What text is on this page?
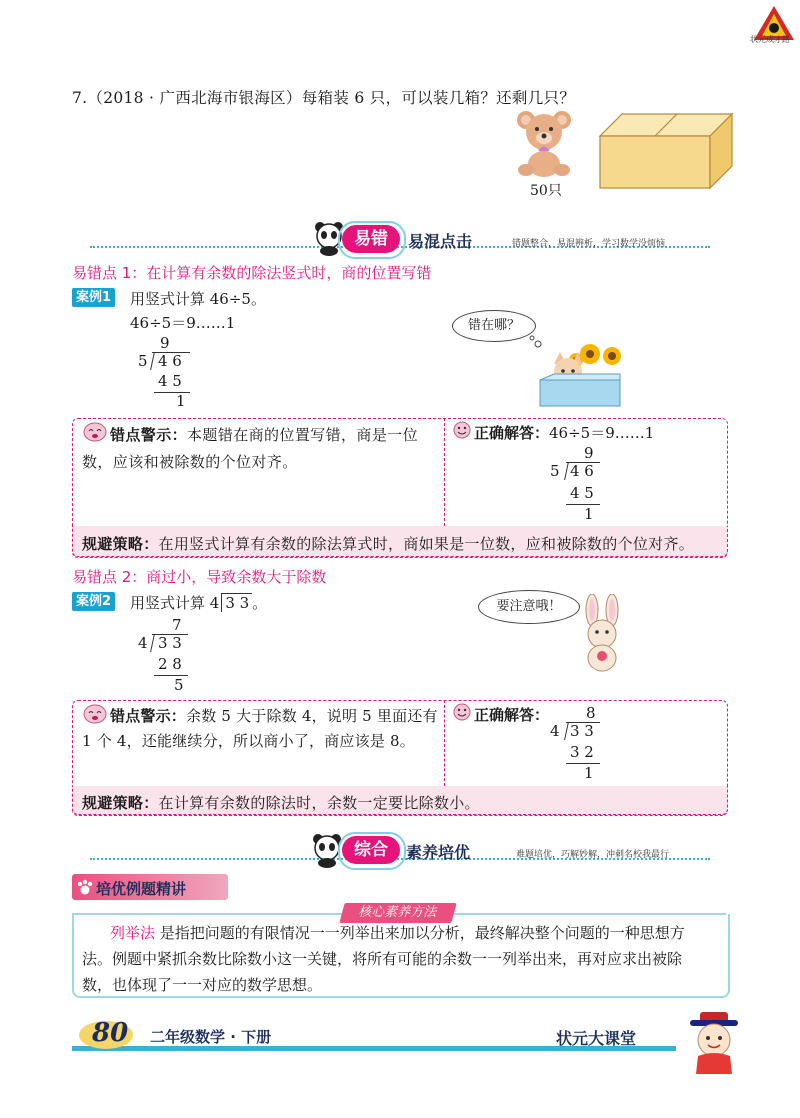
状元成才路
7.（2018 · 广西北海市银海区）每箱装 6 只，可以装几箱？还剩几只？
50只
易错	易混点击	错题整合，易混辨析，学习数学没烦恼
易错点 1：在计算有余数的除法竖式时，商的位置写错
案例1 用竖式计算 46÷5。
46÷5＝9……1
9
5 4 6
4 5
1
错在哪？
错点警示：本题错在商的位置写错，商是一位数，应该和被除数的个位对齐。
正确解答：46÷5＝9……1
9
5 4 6
4 5
1
规避策略：在用竖式计算有余数的除法算式时，商如果是一位数，应和被除数的个位对齐。
易错点 2：商过小，导致余数大于除数
案例2 用竖式计算 4 3 3 。
7
4 3 3
2 8
5
要注意哦！
错点警示：余数 5 大于除数 4，说明 5 里面还有 1 个 4，还能继续分，所以商小了，商应该是 8。
正确解答： 8
4 3 3
3 2
1
规避策略：在计算有余数的除法时，余数一定要比除数小。
综合	素养培优	难题培优，巧解妙解，冲刺名校我最行
培优例题精讲
核心素养方法
列举法 是指把问题的有限情况一一列举出来加以分析，最终解决整个问题的一种思想方
法。例题中紧抓余数比除数小这一关键，将所有可能的余数一一列举出来，再对应求出被除
数，也体现了一一对应的数学思想。
80 二年级数学 · 下册	状元大课堂
